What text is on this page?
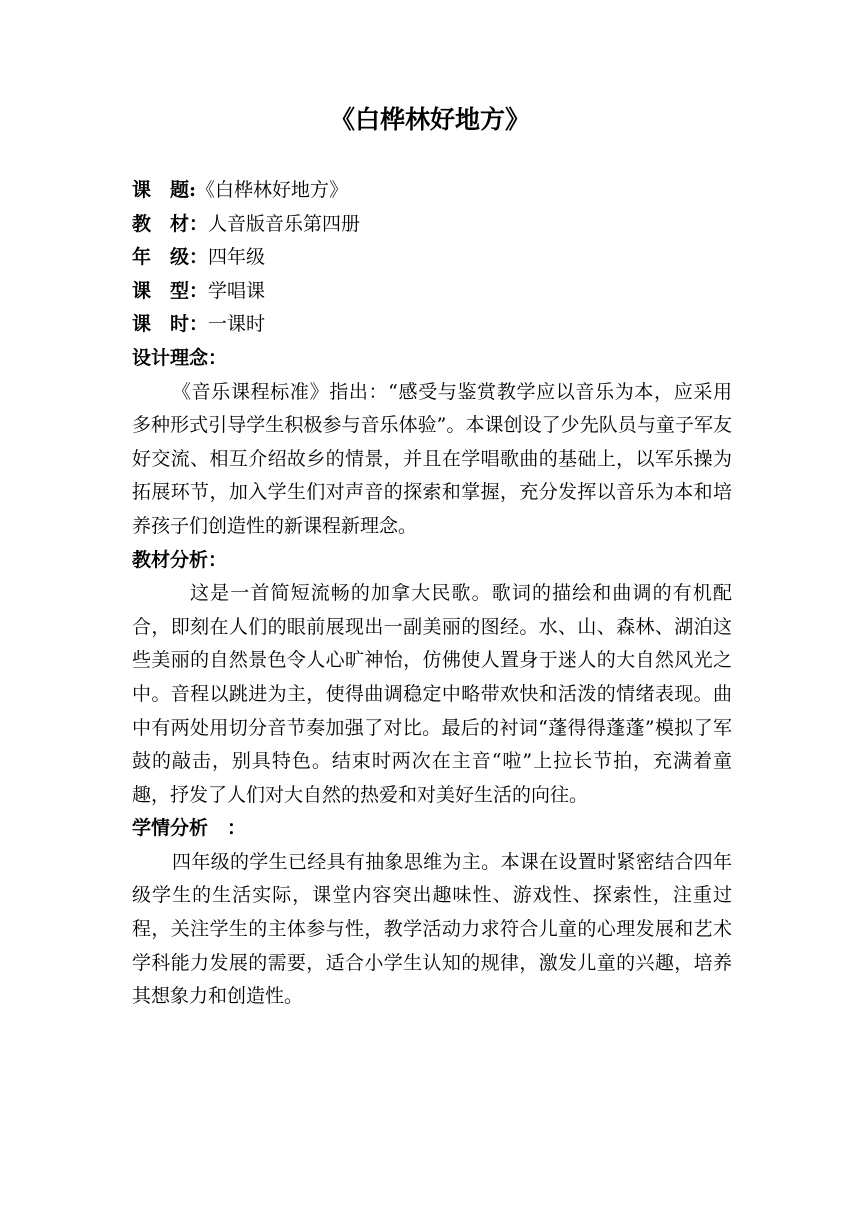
《白桦林好地方》

课　题:《白桦林好地方》

教　材：人音版音乐第四册

年　级：四年级

课　型：学唱课

课　时：一课时

设计理念：

《音乐课程标准》指出：“感受与鉴赏教学应以音乐为本，应采用多种形式引导学生积极参与音乐体验”。本课创设了少先队员与童子军友好交流、相互介绍故乡的情景，并且在学唱歌曲的基础上，以军乐操为拓展环节，加入学生们对声音的探索和掌握，充分发挥以音乐为本和培养孩子们创造性的新课程新理念。

教材分析：

这是一首简短流畅的加拿大民歌。歌词的描绘和曲调的有机配合，即刻在人们的眼前展现出一副美丽的图经。水、山、森林、湖泊这些美丽的自然景色令人心旷神怡，仿佛使人置身于迷人的大自然风光之中。音程以跳进为主，使得曲调稳定中略带欢快和活泼的情绪表现。曲中有两处用切分音节奏加强了对比。最后的衬词“蓬得得蓬蓬”模拟了军鼓的敲击，别具特色。结束时两次在主音“啦”上拉长节拍，充满着童趣，抒发了人们对大自然的热爱和对美好生活的向往。

学情分析　：

四年级的学生已经具有抽象思维为主。本课在设置时紧密结合四年级学生的生活实际，课堂内容突出趣味性、游戏性、探索性，注重过程，关注学生的主体参与性，教学活动力求符合儿童的心理发展和艺术学科能力发展的需要，适合小学生认知的规律，激发儿童的兴趣，培养其想象力和创造性。
